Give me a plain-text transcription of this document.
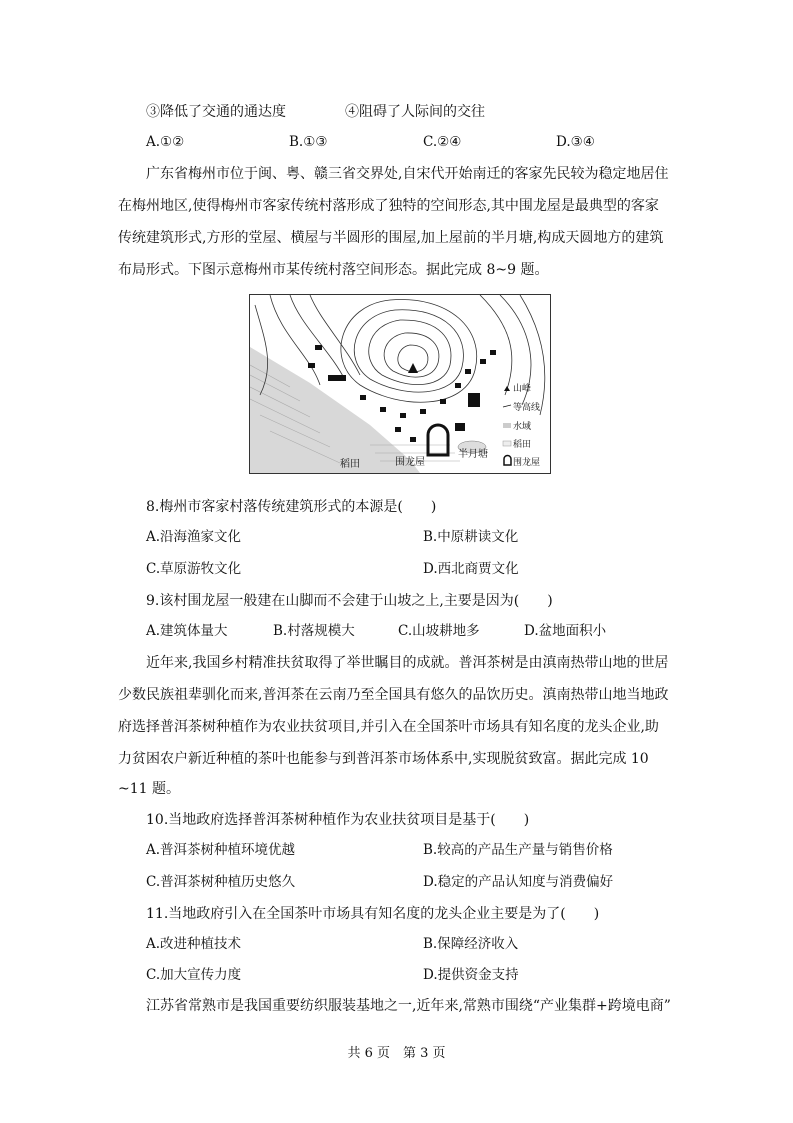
③降低了交通的通达度	④阻碍了人际间的交往
A.①②	B.①③	C.②④	D.③④
广东省梅州市位于闽、粤、赣三省交界处,自宋代开始南迁的客家先民较为稳定地居住
在梅州地区,使得梅州市客家传统村落形成了独特的空间形态,其中围龙屋是最典型的客家
传统建筑形式,方形的堂屋、横屋与半圆形的围屋,加上屋前的半月塘,构成天圆地方的建筑
布局形式。下图示意梅州市某传统村落空间形态。据此完成 8~9 题。
稻田	围龙屋
半月塘
山峰
等高线
水域
稻田
围龙屋
8.梅州市客家村落传统建筑形式的本源是(　　)
A.沿海渔家文化	B.中原耕读文化
C.草原游牧文化	D.西北商贾文化
9.该村围龙屋一般建在山脚而不会建于山坡之上,主要是因为(　　)
A.建筑体量大	B.村落规模大	C.山坡耕地多	D.盆地面积小
近年来,我国乡村精准扶贫取得了举世瞩目的成就。普洱茶树是由滇南热带山地的世居
少数民族祖辈驯化而来,普洱茶在云南乃至全国具有悠久的品饮历史。滇南热带山地当地政
府选择普洱茶树种植作为农业扶贫项目,并引入在全国茶叶市场具有知名度的龙头企业,助
力贫困农户新近种植的茶叶也能参与到普洱茶市场体系中,实现脱贫致富。据此完成 10
~11 题。
10.当地政府选择普洱茶树种植作为农业扶贫项目是基于(　　)
A.普洱茶树种植环境优越	B.较高的产品生产量与销售价格
C.普洱茶树种植历史悠久	D.稳定的产品认知度与消费偏好
11.当地政府引入在全国茶叶市场具有知名度的龙头企业主要是为了(　　)
A.改进种植技术	B.保障经济收入
C.加大宣传力度	D.提供资金支持
江苏省常熟市是我国重要纺织服装基地之一,近年来,常熟市围绕“产业集群+跨境电商”
共 6 页　第 3 页
